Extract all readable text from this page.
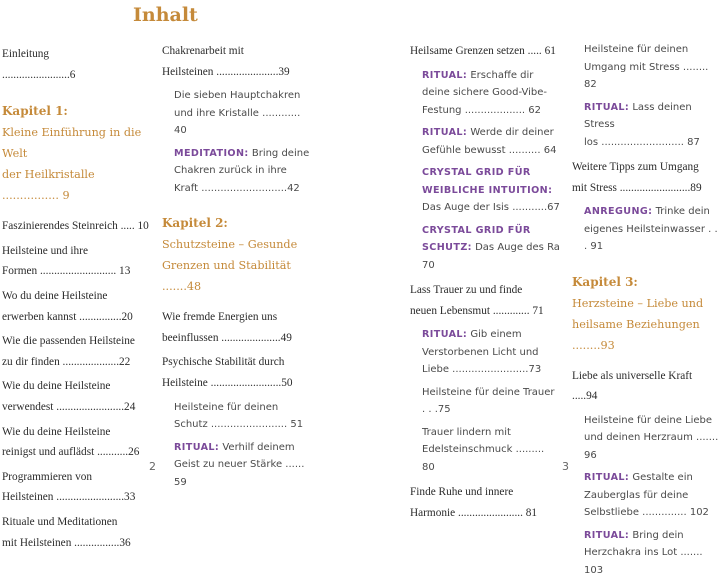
Inhalt
Einleitung
........................6
Kapitel 1:
Kleine Einführung in die Welt
der Heilkristalle ................ 9
Faszinierendes Steinreich ..... 10
Heilsteine und ihre
Formen ........................... 13
Wo du deine Heilsteine
erwerben kannst ...............20
Wie die passenden Heilsteine
zu dir finden ....................22
Wie du deine Heilsteine
verwendest ........................24
Wie du deine Heilsteine
reinigst und auflädst ...........26
Programmieren von
Heilsteinen ........................33
Rituale und Meditationen
mit Heilsteinen ................36
Chakrenarbeit mit
Heilsteinen ......................39
Die sieben Hauptchakren
und ihre Kristalle ............ 40
MEDITATION: Bring deine
Chakren zurück in ihre
Kraft ...........................42
Kapitel 2:
Schutzsteine – Gesunde
Grenzen und Stabilität .......48
Wie fremde Energien uns
beeinflussen .....................49
Psychische Stabilität durch
Heilsteine .........................50
Heilsteine für deinen
Schutz ........................ 51
RITUAL: Verhilf deinem
Geist zu neuer Stärke ...... 59
Heilsame Grenzen setzen ..... 61
RITUAL: Erschaffe dir
deine sichere Good-Vibe-
Festung ................... 62
RITUAL: Werde dir deiner
Gefühle bewusst .......... 64
CRYSTAL GRID FÜR
WEIBLICHE INTUITION:
Das Auge der Isis ...........67
CRYSTAL GRID FÜR
SCHUTZ: Das Auge des Ra 70
Lass Trauer zu und finde
neuen Lebensmut ............. 71
RITUAL: Gib einem
Verstorbenen Licht und
Liebe ........................73
Heilsteine für deine Trauer . . .75
Trauer lindern mit
Edelsteinschmuck ......... 80
Finde Ruhe und innere
Harmonie ....................... 81
Heilsteine für deinen
Umgang mit Stress ........ 82
RITUAL: Lass deinen Stress
los .......................... 87
Weitere Tipps zum Umgang
mit Stress .........................89
ANREGUNG: Trinke dein
eigenes Heilsteinwasser . . . 91
Kapitel 3:
Herzsteine – Liebe und
heilsame Beziehungen ........93
Liebe als universelle Kraft .....94
Heilsteine für deine Liebe
und deinen Herzraum ....... 96
RITUAL: Gestalte ein
Zauberglas für deine
Selbstliebe .............. 102
RITUAL: Bring dein
Herzchakra ins Lot ....... 103
2	3
